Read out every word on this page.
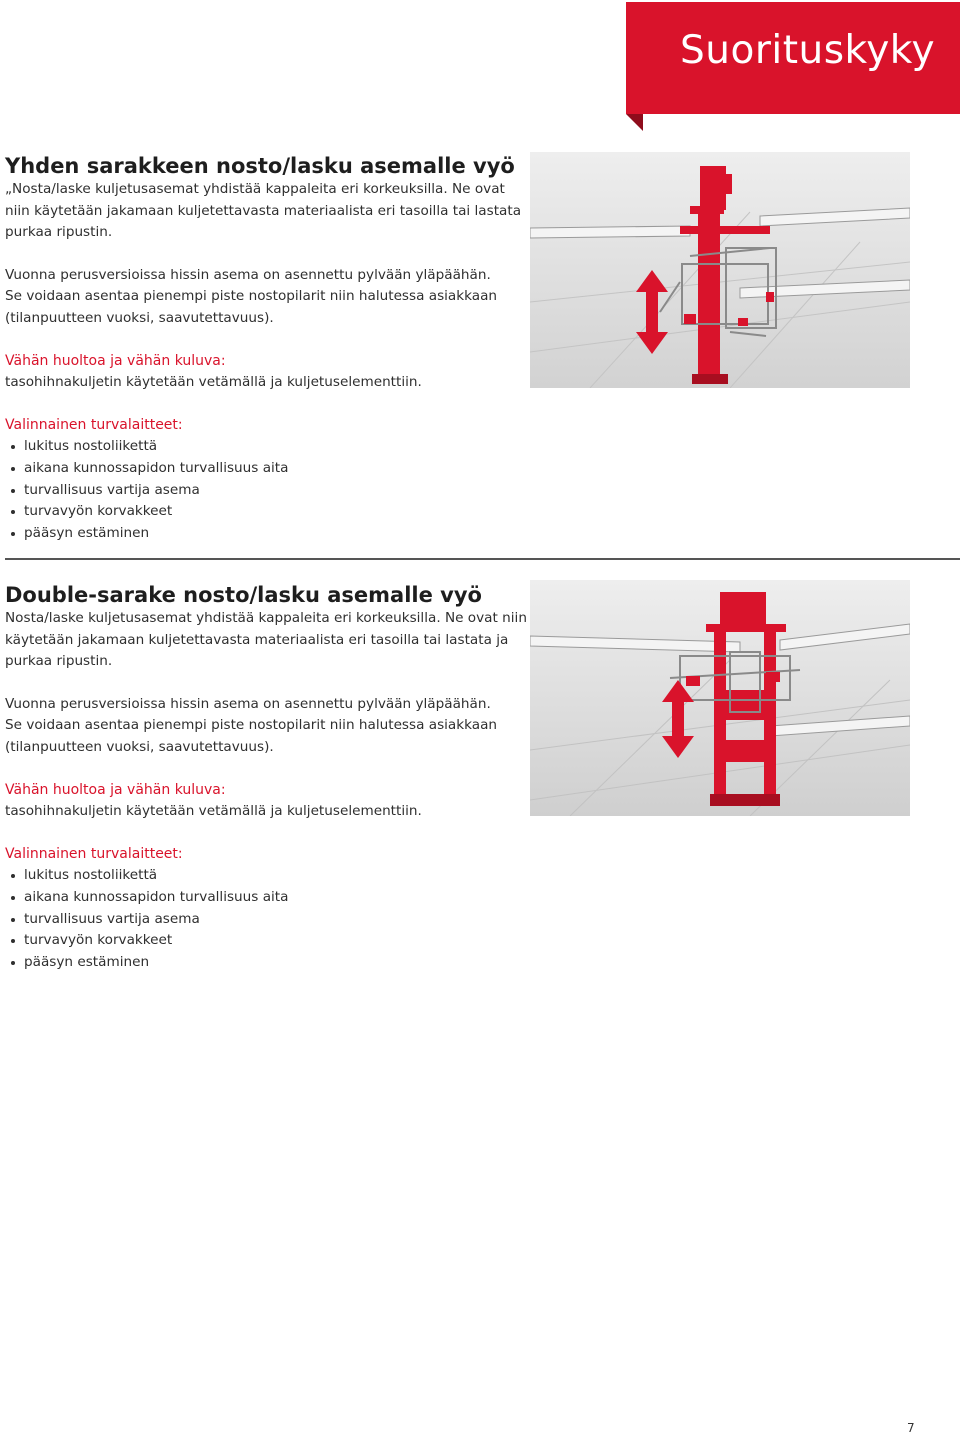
Suorituskyky
Yhden sarakkeen nosto/lasku asemalle vyö

„Nosta/laske kuljetusasemat yhdistää kappaleita eri korkeuksilla. Ne ovat

niin käytetään jakamaan kuljetettavasta materiaalista eri tasoilla tai lastata

purkaa ripustin.

Vuonna perusversioissa hissin asema on asennettu pylvään yläpäähän.

Se voidaan asentaa pienempi piste nostopilarit niin halutessa asiakkaan

(tilanpuutteen vuoksi, saavutettavuus).

Vähän huoltoa ja vähän kuluva:

tasohihnakuljetin käytetään vetämällä ja kuljetuselementtiin.

Valinnainen turvalaitteet:

lukitus nostoliikettä
aikana kunnossapidon turvallisuus aita
turvallisuus vartija asema
turvavyön korvakkeet
pääsyn estäminen
Double-sarake nosto/lasku asemalle vyö

Nosta/laske kuljetusasemat yhdistää kappaleita eri korkeuksilla. Ne ovat niin

käytetään jakamaan kuljetettavasta materiaalista eri tasoilla tai lastata ja

purkaa ripustin.

Vuonna perusversioissa hissin asema on asennettu pylvään yläpäähän.

Se voidaan asentaa pienempi piste nostopilarit niin halutessa asiakkaan

(tilanpuutteen vuoksi, saavutettavuus).

Vähän huoltoa ja vähän kuluva:

tasohihnakuljetin käytetään vetämällä ja kuljetuselementtiin.

Valinnainen turvalaitteet:

lukitus nostoliikettä
aikana kunnossapidon turvallisuus aita
turvallisuus vartija asema
turvavyön korvakkeet
pääsyn estäminen
7
